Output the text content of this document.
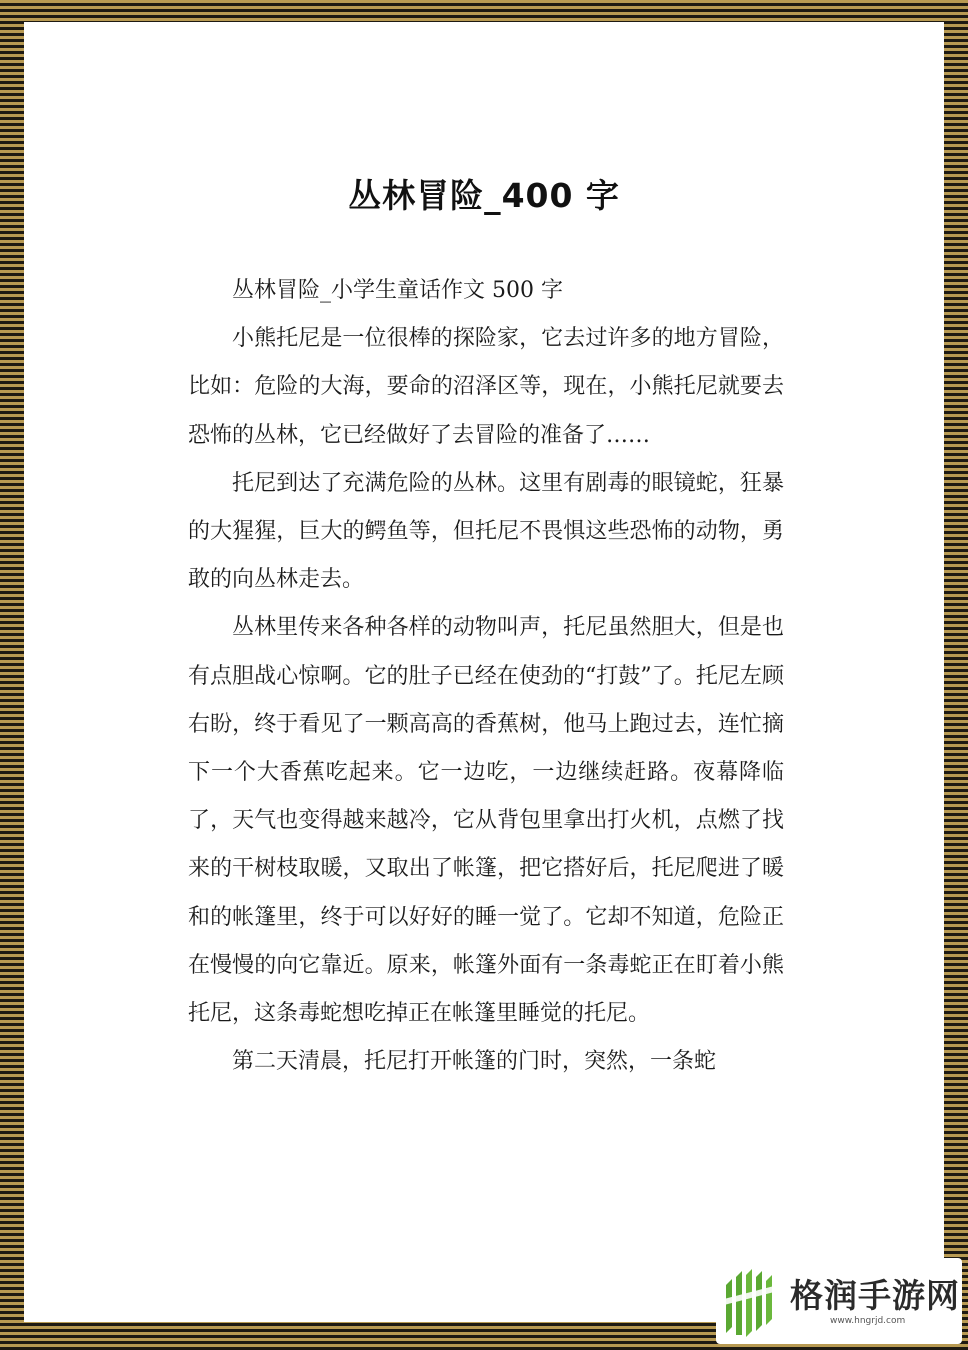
丛林冒险_400 字

丛林冒险_小学生童话作文 500 字

小熊托尼是一位很棒的探险家，它去过许多的地方冒险，比如：危险的大海，要命的沼泽区等，现在，小熊托尼就要去恐怖的丛林，它已经做好了去冒险的准备了……

托尼到达了充满危险的丛林。这里有剧毒的眼镜蛇，狂暴的大猩猩，巨大的鳄鱼等，但托尼不畏惧这些恐怖的动物，勇敢的向丛林走去。

丛林里传来各种各样的动物叫声，托尼虽然胆大，但是也有点胆战心惊啊。它的肚子已经在使劲的“打鼓”了。托尼左顾右盼，终于看见了一颗高高的香蕉树，他马上跑过去，连忙摘下一个大香蕉吃起来。它一边吃，一边继续赶路。夜幕降临了，天气也变得越来越冷，它从背包里拿出打火机，点燃了找来的干树枝取暖，又取出了帐篷，把它搭好后，托尼爬进了暖和的帐篷里，终于可以好好的睡一觉了。它却不知道，危险正在慢慢的向它靠近。原来，帐篷外面有一条毒蛇正在盯着小熊托尼，这条毒蛇想吃掉正在帐篷里睡觉的托尼。

第二天清晨，托尼打开帐篷的门时，突然，一条蛇

格润手游网
www.hngrjd.com
